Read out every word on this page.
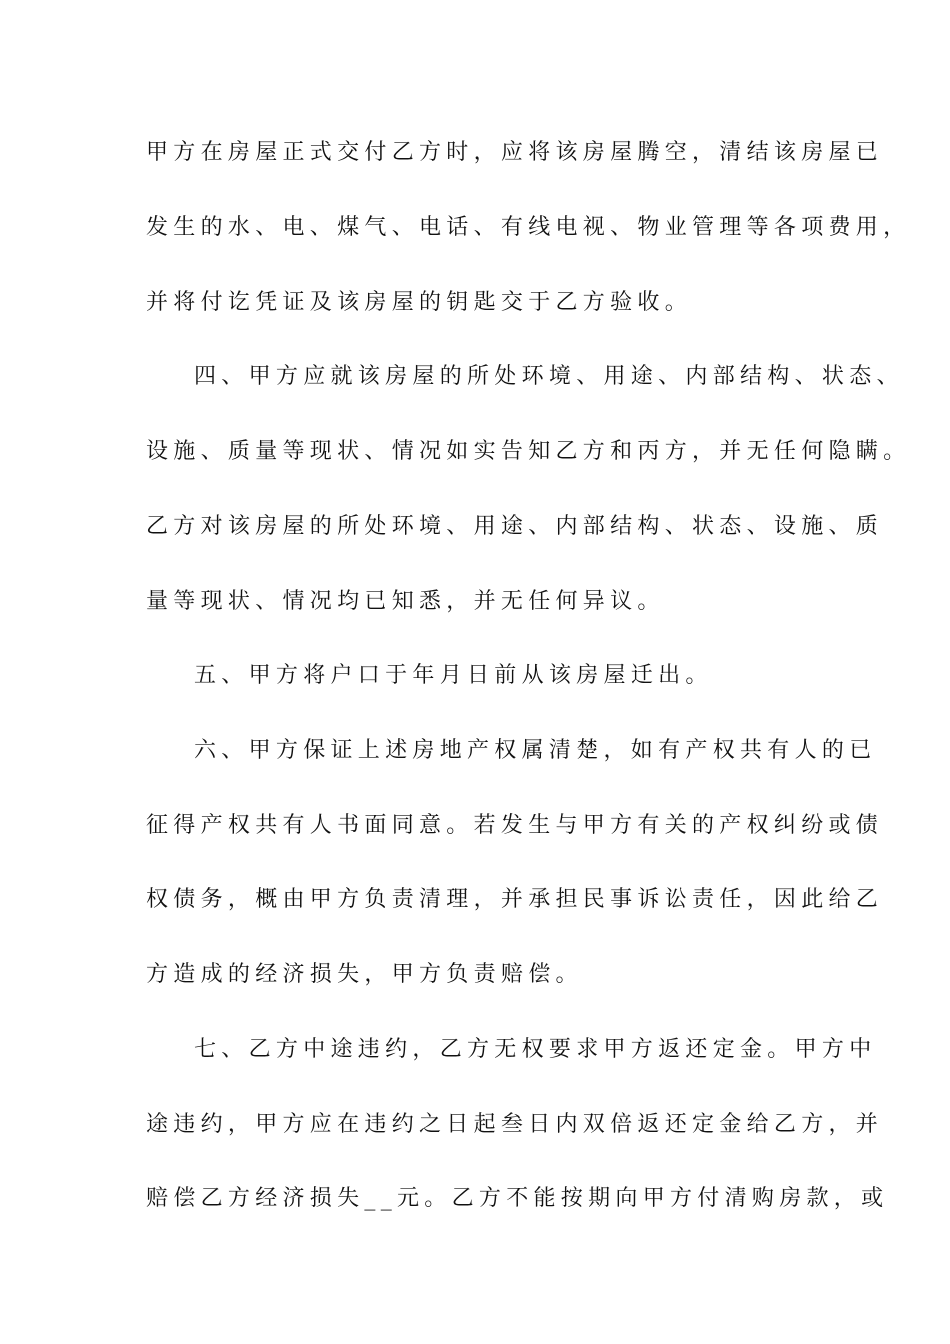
甲方在房屋正式交付乙方时，应将该房屋腾空，清结该房屋已
发生的水、电、煤气、电话、有线电视、物业管理等各项费用，
并将付讫凭证及该房屋的钥匙交于乙方验收。
四、甲方应就该房屋的所处环境、用途、内部结构、状态、
设施、质量等现状、情况如实告知乙方和丙方，并无任何隐瞒。
乙方对该房屋的所处环境、用途、内部结构、状态、设施、质
量等现状、情况均已知悉，并无任何异议。
五、甲方将户口于年月日前从该房屋迁出。
六、甲方保证上述房地产权属清楚，如有产权共有人的已
征得产权共有人书面同意。若发生与甲方有关的产权纠纷或债
权债务，概由甲方负责清理，并承担民事诉讼责任，因此给乙
方造成的经济损失，甲方负责赔偿。
七、乙方中途违约，乙方无权要求甲方返还定金。甲方中
途违约，甲方应在违约之日起叁日内双倍返还定金给乙方，并
赔偿乙方经济损失__元。乙方不能按期向甲方付清购房款，或
